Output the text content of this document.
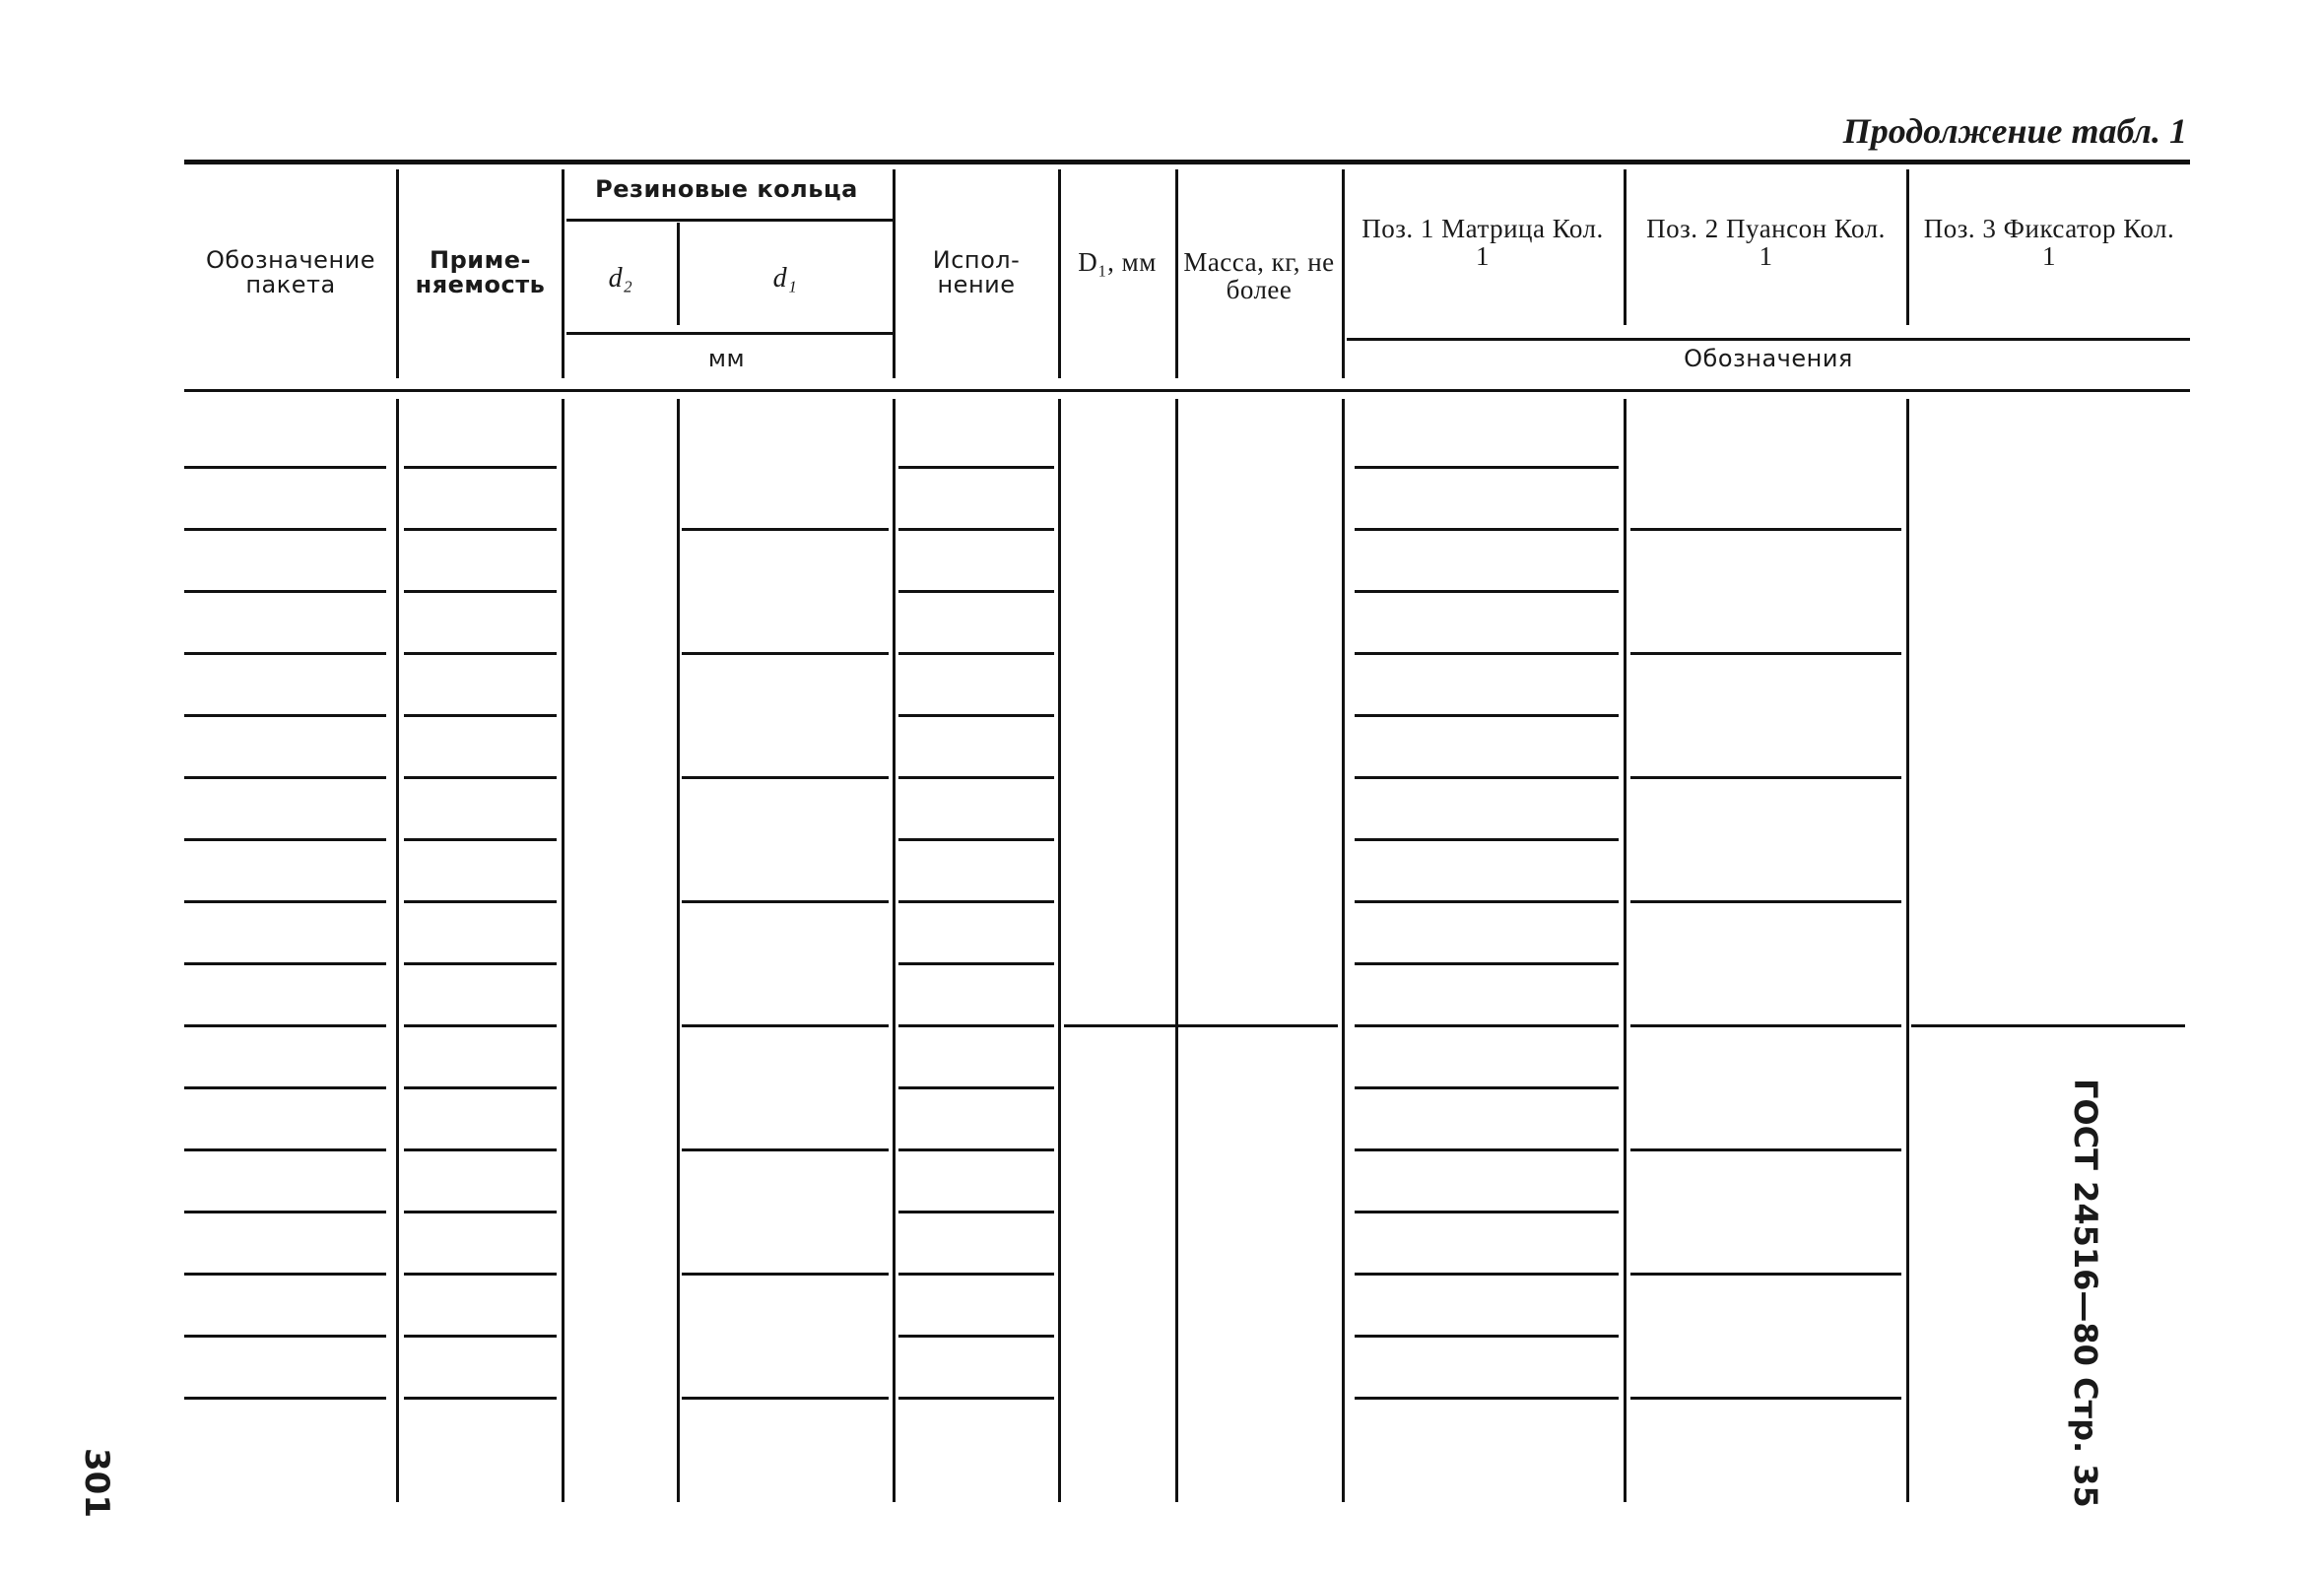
Продолжение табл. 1
Обозначение пакета
Приме-няемость
Резиновые кольца
d₂	d₁
мм
Испол-нение
D₁, мм	Масса, кг, не более
Поз. 1 Матрица Кол. 1
Поз. 2 Пуансон Кол. 1
Поз. 3 Фиксатор Кол. 1
Обозначения
ГОСТ 24516—80 Стр. 35
301
